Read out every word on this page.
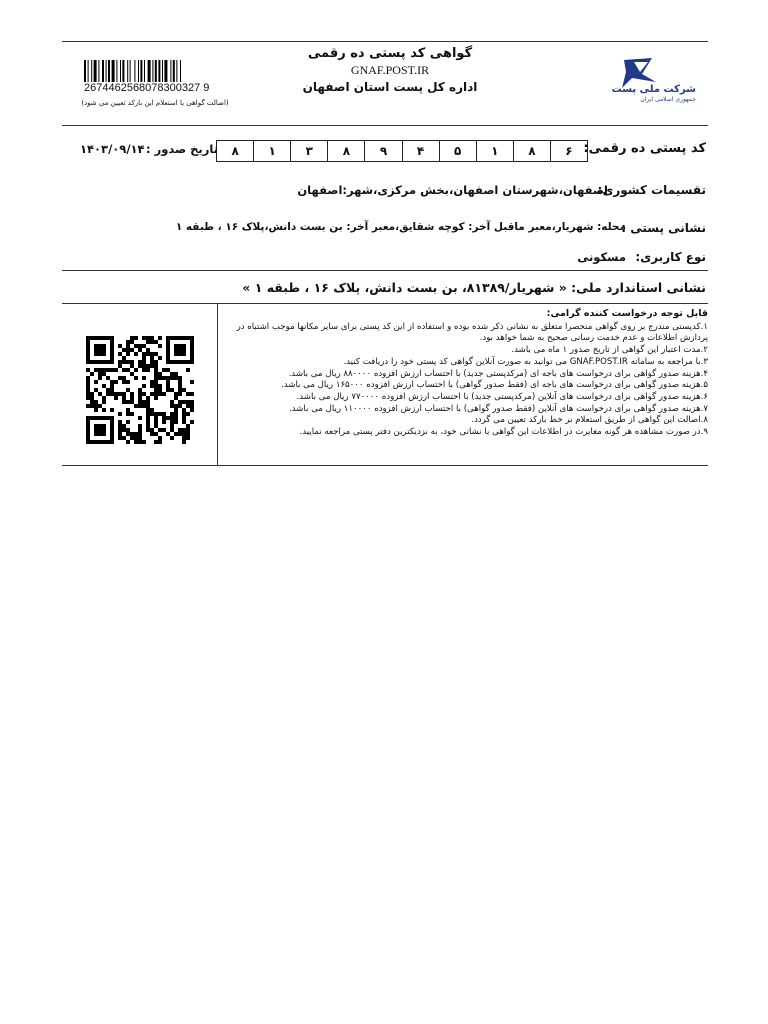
گواهی کد پستی ده رقمی
GNAF.POST.IR
اداره کل پست استان اصفهان	شرکت ملی پست
جمهوری اسلامی ایران
2674462568078300327 9
(اصالت گواهی با استعلام این بارکد تعیین می شود)
کد پستی ده رقمی:
۶
۸
۱
۵
۴
۹
۸
۳
۱
۸
تاریخ صدور :
۱۴۰۳/۰۹/۱۴
تقسیمات کشوری:
اصفهان،شهرستان اصفهان،بخش مرکزی،شهر:اصفهان
نشانی پستی :
محله: شهریار،معبر ماقبل آخر: کوچه شقایق،معبر آخر: بن بست دانش،پلاک ۱۶ ، طبقه ۱
نوع کاربری:
مسکونی
نشانی استاندارد ملی: « شهریار/۸۱۳۸۹، بن بست دانش، پلاک ۱۶ ، طبقه ۱ »
قابل توجه درخواست کننده گرامی:
۱.کدپستی مندرج بر روی گواهی منحصرا متعلق به نشانی ذکر شده بوده و استفاده از این کد پستی برای سایر مکانها موجب اشتباه در پردازش اطلاعات و عدم خدمت رسانی صحیح به شما خواهد بود.
۲.مدت اعتبار این گواهی از تاریخ صدور ۱ ماه می باشد.
۳.با مراجعه به سامانه GNAF.POST.IR می توانید به صورت آنلاین گواهی کد پستی خود را دریافت کنید.
۴.هزینه صدور گواهی برای درخواست های باجه ای (مرکدپستی جدید) با احتساب ارزش افزوده ۸۸۰۰۰۰ ریال می باشد.
۵.هزینه صدور گواهی برای درخواست های باجه ای (فقط صدور گواهی) با احتساب ارزش افزوده ۱۶۵۰۰۰ ریال می باشد.
۶.هزینه صدور گواهی برای درخواست های آنلاین (مرکدپستی جدید) با احتساب ارزش افزوده ۷۷۰۰۰۰ ریال می باشد.
۷.هزینه صدور گواهی برای درخواست های آنلاین (فقط صدور گواهی) با احتساب ارزش افزوده ۱۱۰۰۰۰ ریال می باشد.
۸.اصالت این گواهی از طریق استعلام بر خط بارکد تعیین می گردد.
۹.در صورت مشاهده هر گونه مغایرت در اطلاعات این گواهی با نشانی خود، به نزدیکترین دفتر پستی مراجعه نمایید.
